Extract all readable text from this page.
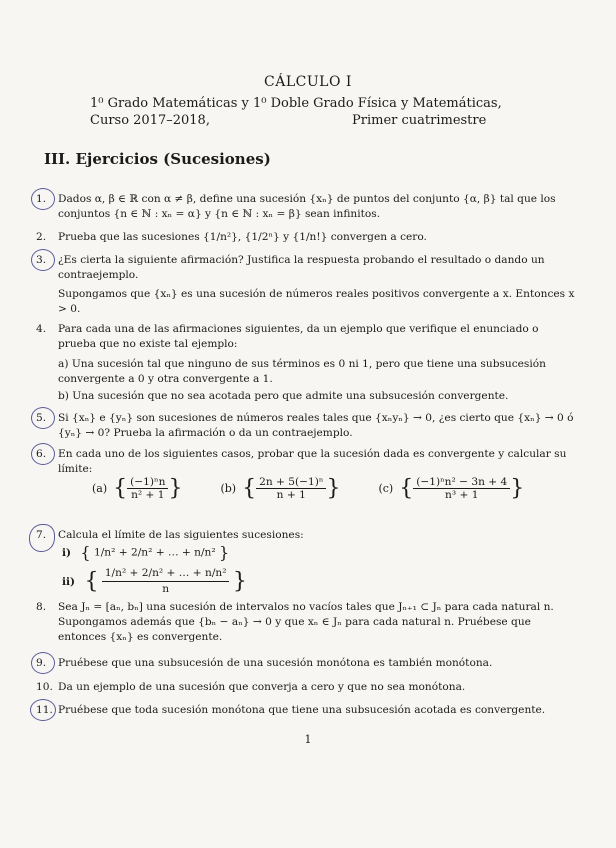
CÁLCULO I
1⁰ Grado Matemáticas y 1⁰ Doble Grado Física y Matemáticas,
Curso 2017–2018,	Primer cuatrimestre
III. Ejercicios (Sucesiones)
1. Dados α, β ∈ ℝ con α ≠ β, define una sucesión {xₙ} de puntos del conjunto {α, β} tal que los conjuntos {n ∈ ℕ : xₙ = α} y {n ∈ ℕ : xₙ = β} sean infinitos.
2. Prueba que las sucesiones {1/n²}, {1/2ⁿ} y {1/n!} convergen a cero.
3. ¿Es cierta la siguiente afirmación? Justifica la respuesta probando el resultado o dando un contraejemplo.
Supongamos que {xₙ} es una sucesión de números reales positivos convergente a x. Entonces x > 0.
4. Para cada una de las afirmaciones siguientes, da un ejemplo que verifique el enunciado o prueba que no existe tal ejemplo:
a) Una sucesión tal que ninguno de sus términos es 0 ni 1, pero que tiene una subsucesión convergente a 0 y otra convergente a 1.
b) Una sucesión que no sea acotada pero que admite una subsucesión convergente.
5. Si {xₙ} e {yₙ} son sucesiones de números reales tales que {xₙyₙ} → 0, ¿es cierto que {xₙ} → 0 ó {yₙ} → 0? Prueba la afirmación o da un contraejemplo.
6. En cada uno de los siguientes casos, probar que la sucesión dada es convergente y calcular su límite:
(a) { $\frac{\text{(−1)ⁿn}}{\text{n² + 1}}$ }	(b) { $\frac{\text{2n + 5(−1)ⁿ}}{n + 1}$ }	(c) { $\frac{\text{(−1)ⁿn² − 3n + 4}}{\text{n³ + 1}}$ }
7. Calcula el límite de las siguientes sucesiones:
i) { 1/n² + 2/n² + … + n/n² }
ii) { $\frac{\text{1/n² + 2/n² + … + n/n²}}{n}$ }
8. Sea Jₙ = [aₙ, bₙ] una sucesión de intervalos no vacíos tales que Jₙ₊₁ ⊂ Jₙ para cada natural n. Supongamos además que {bₙ − aₙ} → 0 y que xₙ ∈ Jₙ para cada natural n. Pruébese que entonces {xₙ} es convergente.
9. Pruébese que una subsucesión de una sucesión monótona es también monótona.
10. Da un ejemplo de una sucesión que converja a cero y que no sea monótona.
11. Pruébese que toda sucesión monótona que tiene una subsucesión acotada es convergente.
1
